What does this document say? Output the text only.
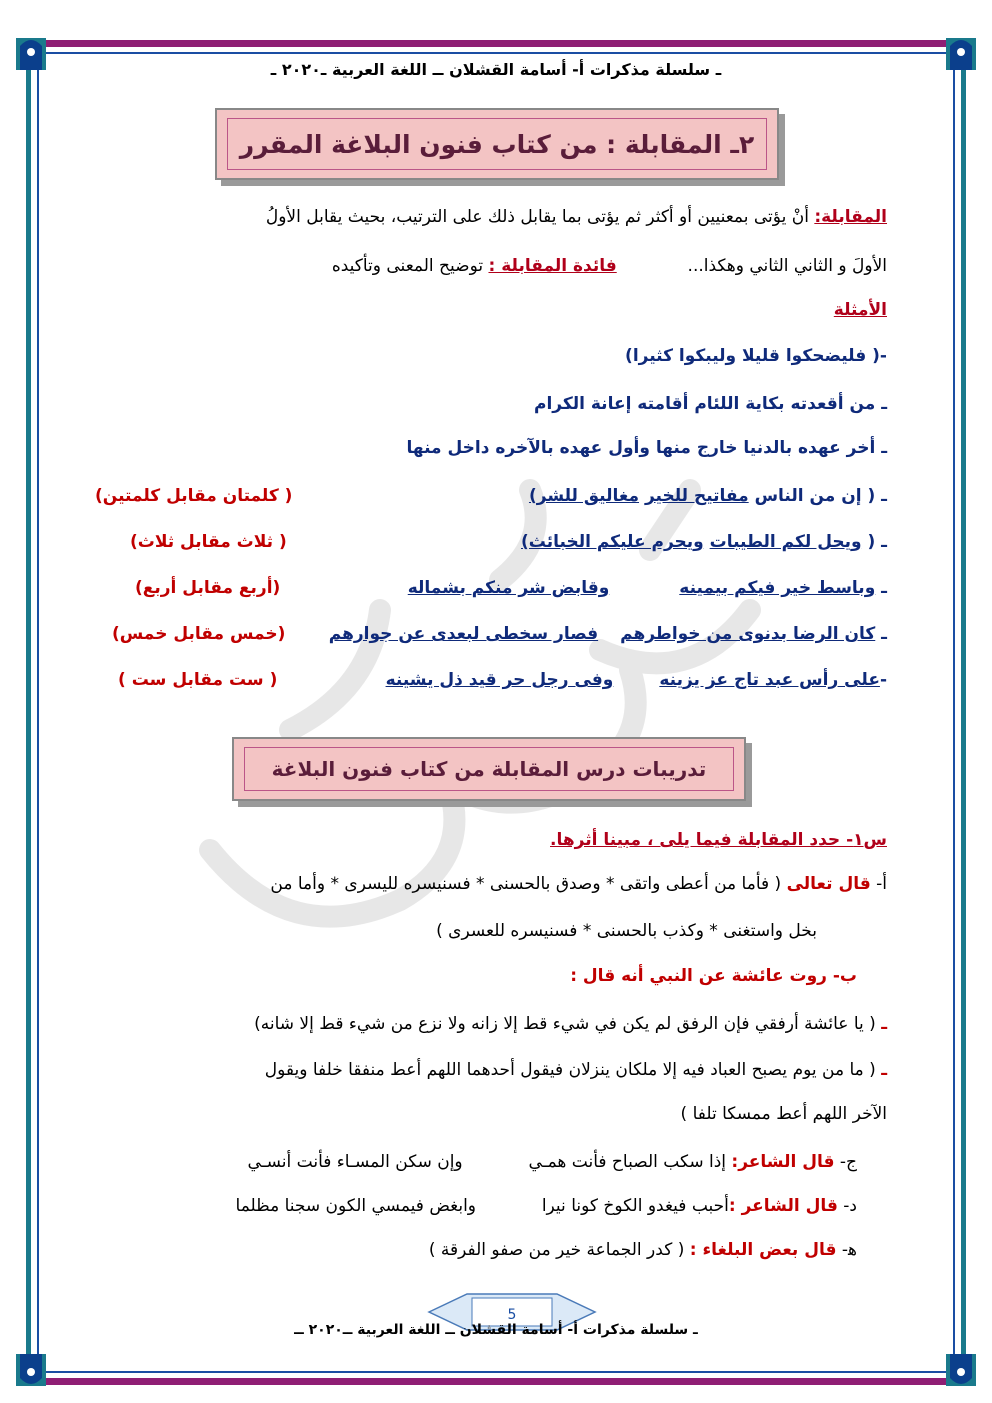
ـ سلسلة مذكرات أ- أسامة القشلان ــ اللغة العربية ـ٢٠٢٠ ـ
٢ـ المقابلة : من كتاب فنون البلاغة المقرر
المقابلة: أنْ يؤتى بمعنيين أو أكثر ثم يؤتى بما يقابل ذلك على الترتيب، بحيث يقابل الأولُ
الأولَ و الثاني الثاني وهكذا...  فائدة المقابلة : توضيح المعنى وتأكيده
الأمثلة
-( فليضحكوا قليلا وليبكوا كثيرا)
ـ من أقعدته بكاية اللئام أقامته إعانة الكرام
ـ أخر عهده بالدنيا خارج منها وأول عهده بالآخره داخل منها
ـ ( إن من الناس مفاتيح للخير مغاليق للشر)
( كلمتان مقابل كلمتين)
ـ ( ويحل لكم الطيبات ويحرم عليكم الخبائث)
( ثلاث مقابل ثلاث)
ـ وباسط خير فيكم بيمينهوقابض شر منكم بشماله
(أربع مقابل أربع)
ـ كان الرضا بدنوى من خواطرهمفصار سخطى لبعدى عن جوارهم
(خمس مقابل خمس)
-على رأس عبد تاج عز يزينهوفى رجل حر قيد ذل يشينه
( ست مقابل ست )
تدريبات درس المقابلة من كتاب فنون البلاغة
س١- حدد المقابلة فيما يلى ، مبينا أثرها.
أ- قال تعالى ( فأما من أعطى واتقى * وصدق بالحسنى * فسنيسره لليسرى * وأما من
بخل واستغنى * وكذب بالحسنى * فسنيسره للعسرى )
ب- روت عائشة عن النبي أنه قال :
ـ ( يا عائشة أرفقي فإن الرفق لم يكن في شيء قط إلا زانه ولا نزع من شيء قط إلا شانه)
ـ ( ما من يوم يصبح العباد فيه إلا ملكان ينزلان فيقول أحدهما اللهم أعط منفقا خلفا ويقول
الآخر اللهم أعط ممسكا تلفا )
ج- قال الشاعر: إذا سكب الصباح فأنت همـي  وإن سكن المسـاء فأنت أنسـي
د- قال الشاعر :أحبب فيغدو الكوخ كونا نيرا  وابغض فيمسي الكون سجنا مظلما
ﻫ- قال بعض البلغاء : ( كدر الجماعة خير من صفو الفرقة )
5
ـ سلسلة مذكرات أ- أسامة القشلان ــ اللغة العربية ــ٢٠٢٠ ــ
